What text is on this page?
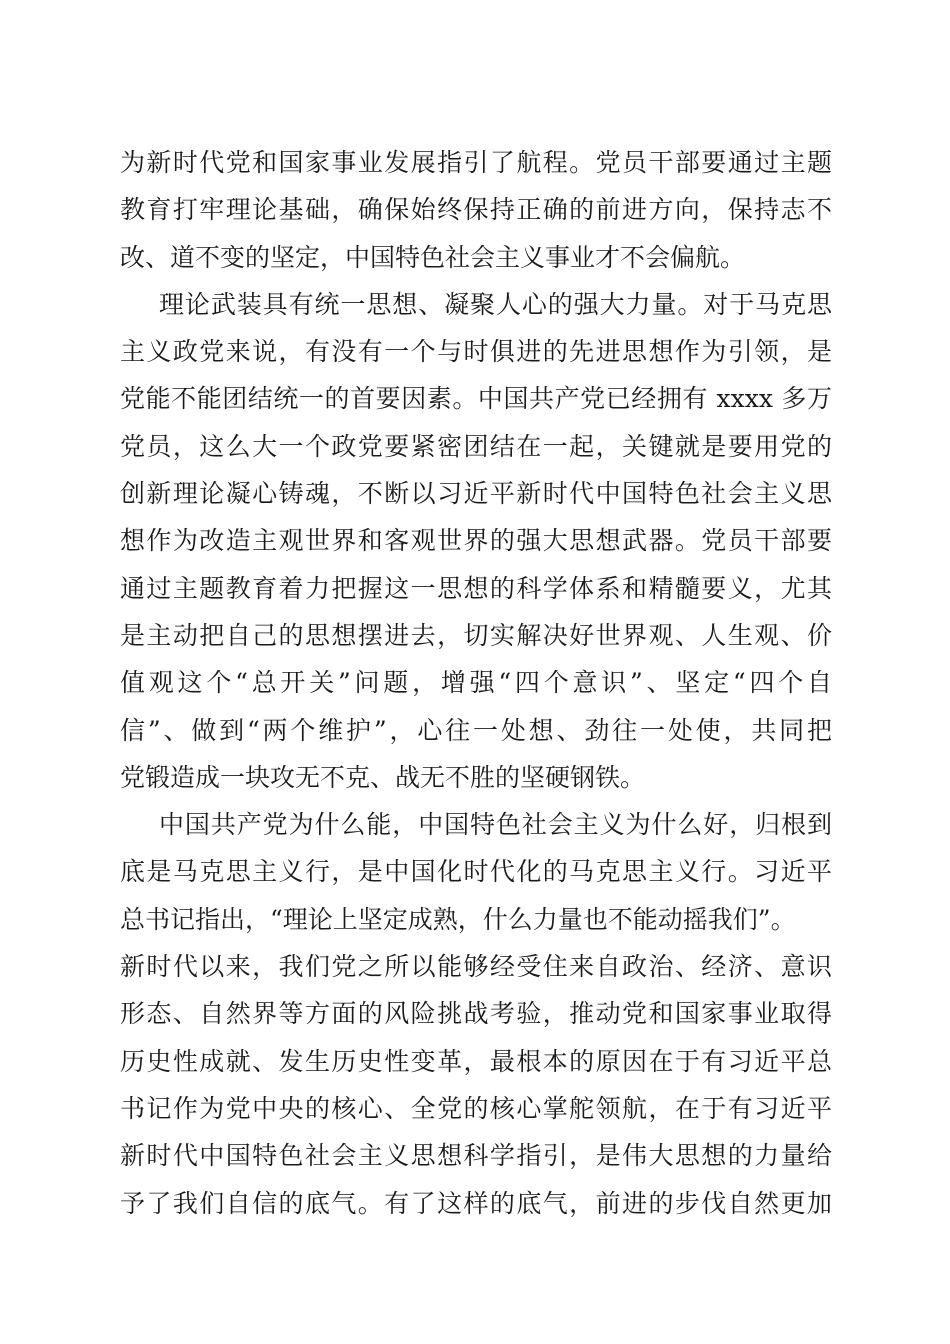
为新时代党和国家事业发展指引了航程。党员干部要通过主题
教育打牢理论基础，确保始终保持正确的前进方向，保持志不
改、道不变的坚定，中国特色社会主义事业才不会偏航。
理论武装具有统一思想、凝聚人心的强大力量。对于马克思
主义政党来说，有没有一个与时俱进的先进思想作为引领，是
党能不能团结统一的首要因素。中国共产党已经拥有 xxxx 多万
党员，这么大一个政党要紧密团结在一起，关键就是要用党的
创新理论凝心铸魂，不断以习近平新时代中国特色社会主义思
想作为改造主观世界和客观世界的强大思想武器。党员干部要
通过主题教育着力把握这一思想的科学体系和精髓要义，尤其
是主动把自己的思想摆进去，切实解决好世界观、人生观、价
值观这个“总开关”问题，增强“四个意识”、坚定“四个自
信”、做到“两个维护”，心往一处想、劲往一处使，共同把
党锻造成一块攻无不克、战无不胜的坚硬钢铁。
中国共产党为什么能，中国特色社会主义为什么好，归根到
底是马克思主义行，是中国化时代化的马克思主义行。习近平
总书记指出，“理论上坚定成熟，什么力量也不能动摇我们”。
新时代以来，我们党之所以能够经受住来自政治、经济、意识
形态、自然界等方面的风险挑战考验，推动党和国家事业取得
历史性成就、发生历史性变革，最根本的原因在于有习近平总
书记作为党中央的核心、全党的核心掌舵领航，在于有习近平
新时代中国特色社会主义思想科学指引，是伟大思想的力量给
予了我们自信的底气。有了这样的底气，前进的步伐自然更加
